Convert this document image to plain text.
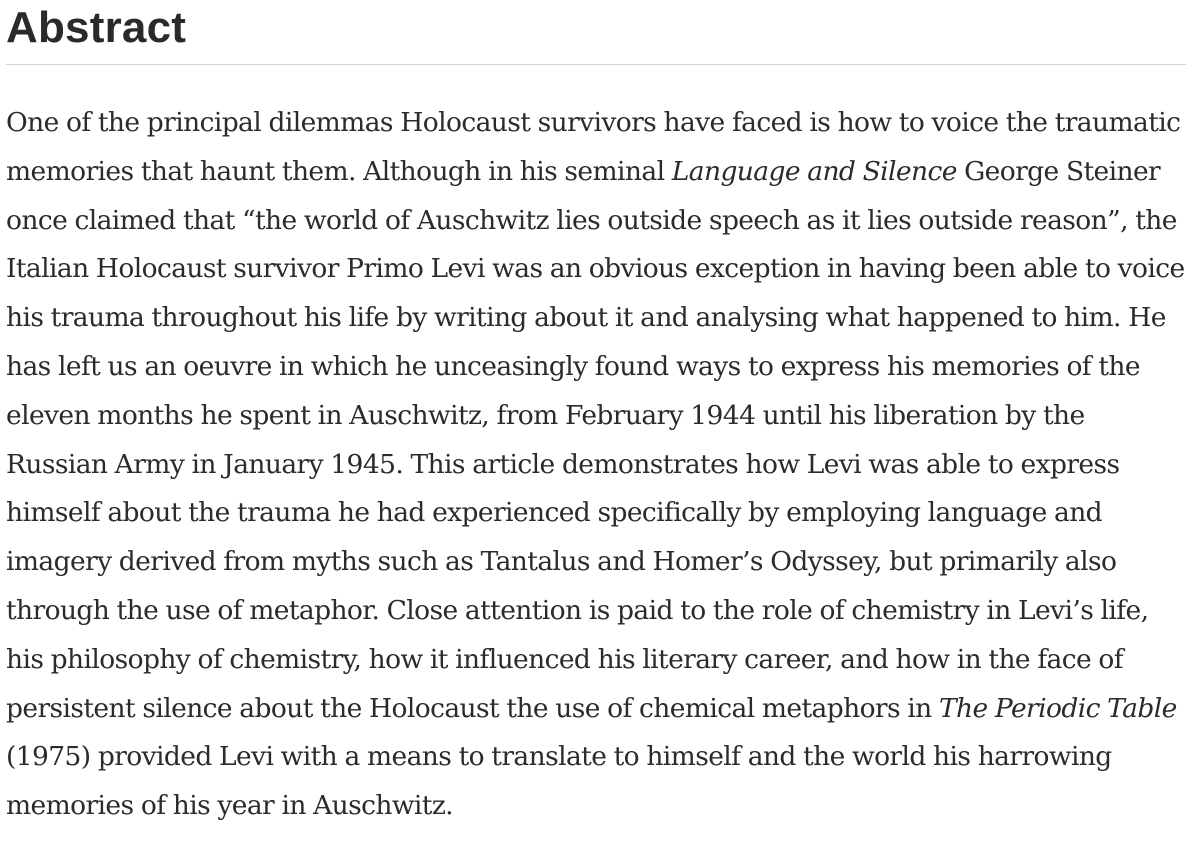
Abstract

One of the principal dilemmas Holocaust survivors have faced is how to voice the traumatic memories that haunt them. Although in his seminal Language and Silence George Steiner once claimed that “the world of Auschwitz lies outside speech as it lies outside reason”, the Italian Holocaust survivor Primo Levi was an obvious exception in having been able to voice his trauma throughout his life by writing about it and analysing what happened to him. He has left us an oeuvre in which he unceasingly found ways to express his memories of the eleven months he spent in Auschwitz, from February 1944 until his liberation by the Russian Army in January 1945. This article demonstrates how Levi was able to express himself about the trauma he had experienced specifically by employing language and imagery derived from myths such as Tantalus and Homer’s Odyssey, but primarily also through the use of metaphor. Close attention is paid to the role of chemistry in Levi’s life, his philosophy of chemistry, how it influenced his literary career, and how in the face of persistent silence about the Holocaust the use of chemical metaphors in The Periodic Table (1975) provided Levi with a means to translate to himself and the world his harrowing memories of his year in Auschwitz.
